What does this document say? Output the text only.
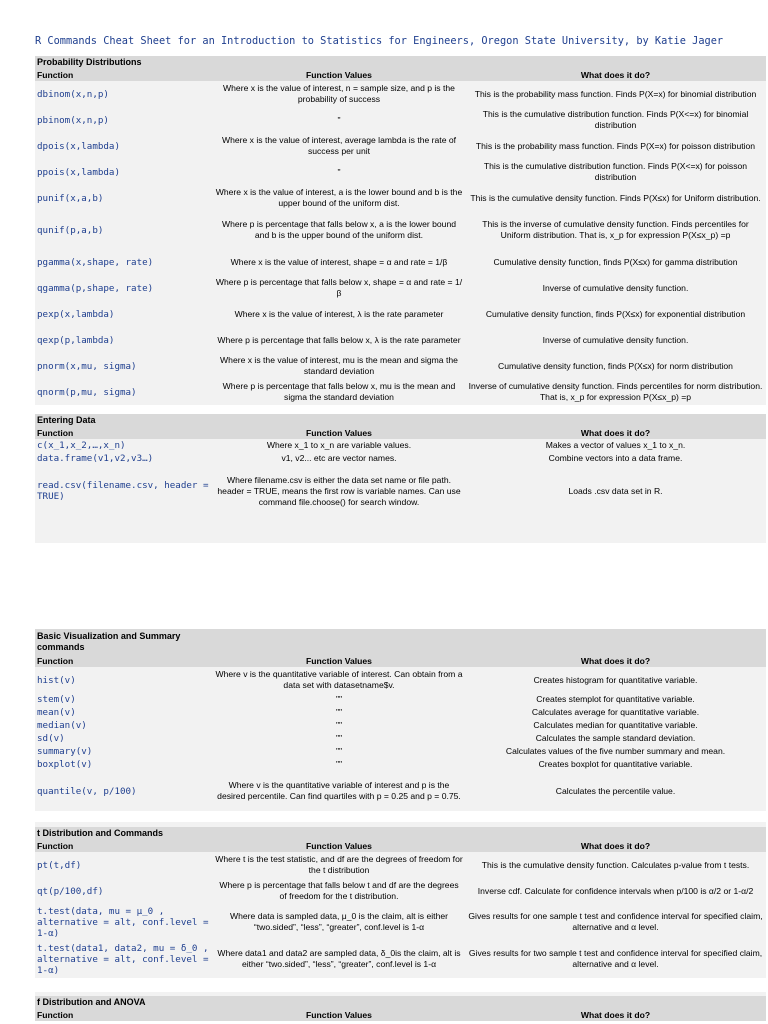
R Commands Cheat Sheet for an Introduction to Statistics for Engineers, Oregon State University, by Katie Jager
Probability Distributions		
Function	Function Values	What does it do?
dbinom(x,n,p)	Where x is the value of interest, n = sample size, and p is the probability of success	This is the probability mass function. Finds P(X=x) for binomial distribution
pbinom(x,n,p)	"	This is the cumulative distribution function. Finds P(X<=x) for binomial distribution
dpois(x,lambda)	Where x is the value of interest, average lambda is the rate of success per unit	This is the probability mass function. Finds P(X=x) for poisson distribution
ppois(x,lambda)	"	This is the cumulative distribution function. Finds P(X<=x) for poisson distribution
punif(x,a,b)	Where x is the value of interest, a is the lower bound and b is the upper bound of the uniform dist.	This is the cumulative density function. Finds P(X≤x) for Uniform distribution.
qunif(p,a,b)	Where p is percentage that falls below x, a is the lower bound and b is the upper bound of the uniform dist.	This is the inverse of cumulative density function. Finds percentiles for Uniform distribution. That is, x_p for expression P(X≤x_p) =p
pgamma(x,shape, rate)	Where x is the value of interest, shape = α and rate = 1/β	Cumulative density function, finds P(X≤x) for gamma distribution
qgamma(p,shape, rate)	Where p is percentage that falls below x, shape = α and rate = 1/β	Inverse of cumulative density function.
pexp(x,lambda)	Where x is the value of interest, λ is the rate parameter	Cumulative density function, finds P(X≤x) for exponential distribution
qexp(p,lambda)	Where p is percentage that falls below x, λ is the rate parameter	Inverse of cumulative density function.
pnorm(x,mu, sigma)	Where x is the value of interest, mu is the mean and sigma the standard deviation	Cumulative density function, finds P(X≤x) for norm distribution
qnorm(p,mu, sigma)	Where p is percentage that falls below x, mu is the mean and sigma the standard deviation	Inverse of cumulative density function. Finds percentiles for norm distribution. That is, x_p for expression P(X≤x_p) =p
Entering Data		
Function	Function Values	What does it do?
c(x_1,x_2,…,x_n)	Where x_1 to x_n are variable values.	Makes a vector of values x_1 to x_n.
data.frame(v1,v2,v3…)	v1, v2... etc are vector names.	Combine vectors into a data frame.
read.csv(filename.csv, header = TRUE)	Where filename.csv is either the data set name or file path. header = TRUE, means the first row is variable names. Can use command file.choose() for search window.	Loads .csv data set in R.

Basic Visualization and Summary commands		
Function	Function Values	What does it do?
hist(v)	Where v is the quantitative variable of interest. Can obtain from a data set with datasetname$v.	Creates histogram for quantitative variable.
stem(v)	""	Creates stemplot for quantitative variable.
mean(v)	""	Calculates average for quantitative variable.
median(v)	""	Calculates median for quantitative variable.
sd(v)	""	Calculates the sample standard deviation.
summary(v)	""	Calculates values of the five number summary and mean.
boxplot(v)	""	Creates boxplot for quantitative variable.
quantile(v, p/100)	Where v is the quantitative variable of interest and p is the desired percentile. Can find quartiles with p = 0.25 and p = 0.75.	Calculates the percentile value.

t Distribution and Commands		
Function	Function Values	What does it do?
pt(t,df)	Where t is the test statistic, and df are the degrees of freedom for the t distribution	This is the cumulative density function. Calculates p-value from t tests.
qt(p/100,df)	Where p is percentage that falls below t and df are the degrees of freedom for the t distribution.	Inverse cdf. Calculate for confidence intervals when p/100 is α/2 or 1-α/2
t.test(data, mu = μ_0 , alternative = alt, conf.level = 1-α)	Where data is sampled data, μ_0 is the claim, alt is either “two.sided”, “less”, “greater”, conf.level is 1-α	Gives results for one sample t test and confidence interval for specified claim, alternative and α level.
t.test(data1, data2, mu = δ_0 , alternative = alt, conf.level = 1-α)	Where data1 and data2 are sampled data, δ_0is the claim, alt is either “two.sided”, “less”, “greater”, conf.level is 1-α	Gives results for two sample t test and confidence interval for specified claim, alternative and α level.

f Distribution and ANOVA		
Function	Function Values	What does it do?
